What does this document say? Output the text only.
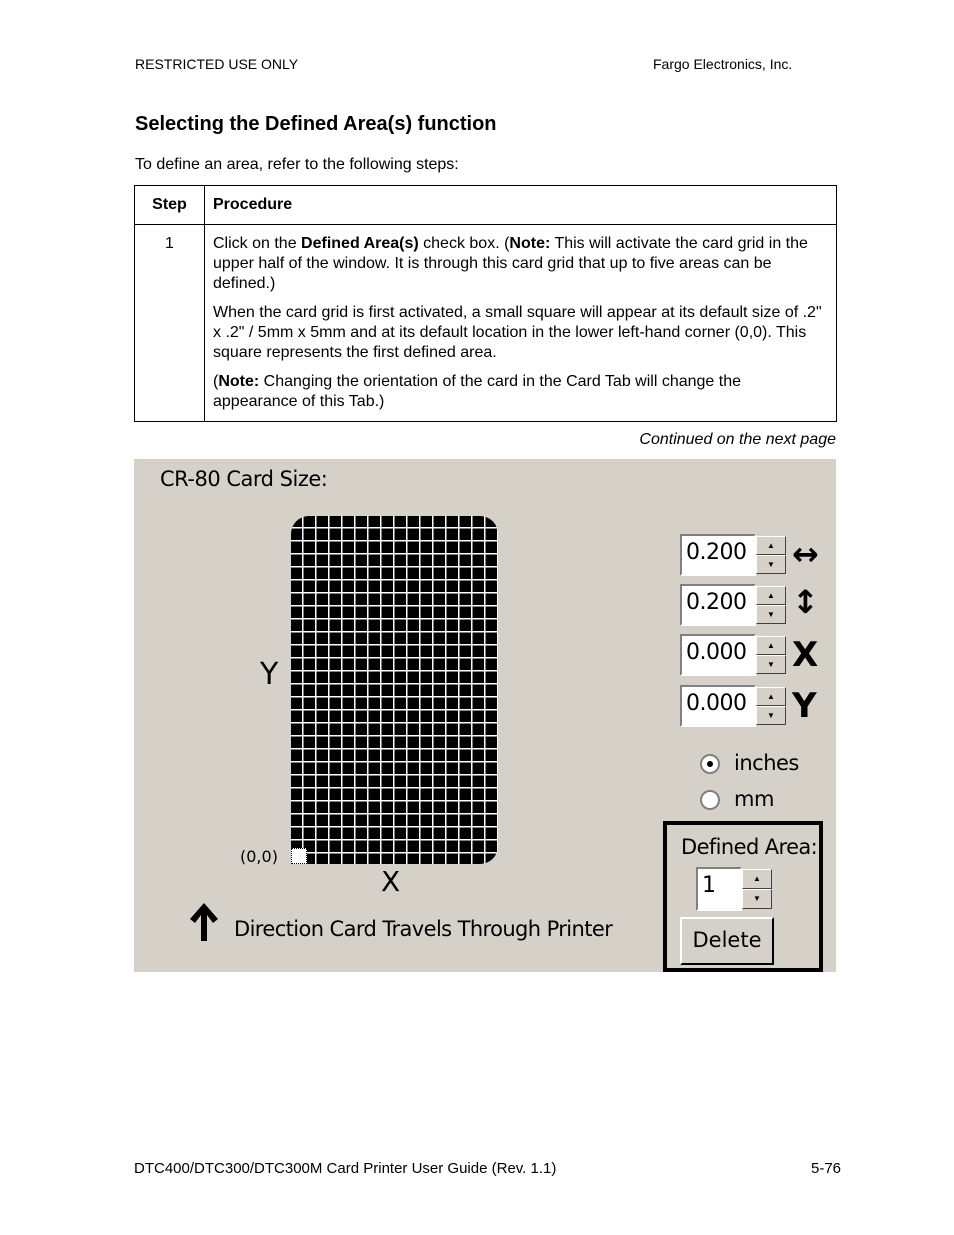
RESTRICTED USE ONLY	Fargo Electronics, Inc.
Selecting the Defined Area(s) function
To define an area, refer to the following steps:
Step	Procedure
1	Click on the Defined Area(s) check box. (Note: This will activate the card grid in the upper half of the window. It is through this card grid that up to five areas can be defined.)

When the card grid is first activated, a small square will appear at its default size of .2" x .2" / 5mm x 5mm and at its default location in the lower left-hand corner (0,0). This square represents the first defined area.

(Note: Changing the orientation of the card in the Card Tab will change the appearance of this Tab.)

Continued on the next page
CR-80 Card Size:
Y
(0,0)
X
Direction Card Travels Through Printer
0.200	▲
▼ ↔
0.200	▲
▼ ↕
0.000	▲
▼ X
0.000	▲
▼ Y
inches
mm
Defined Area:
1	▲
▼
Delete
DTC400/DTC300/DTC300M Card Printer User Guide (Rev. 1.1)	5-76
